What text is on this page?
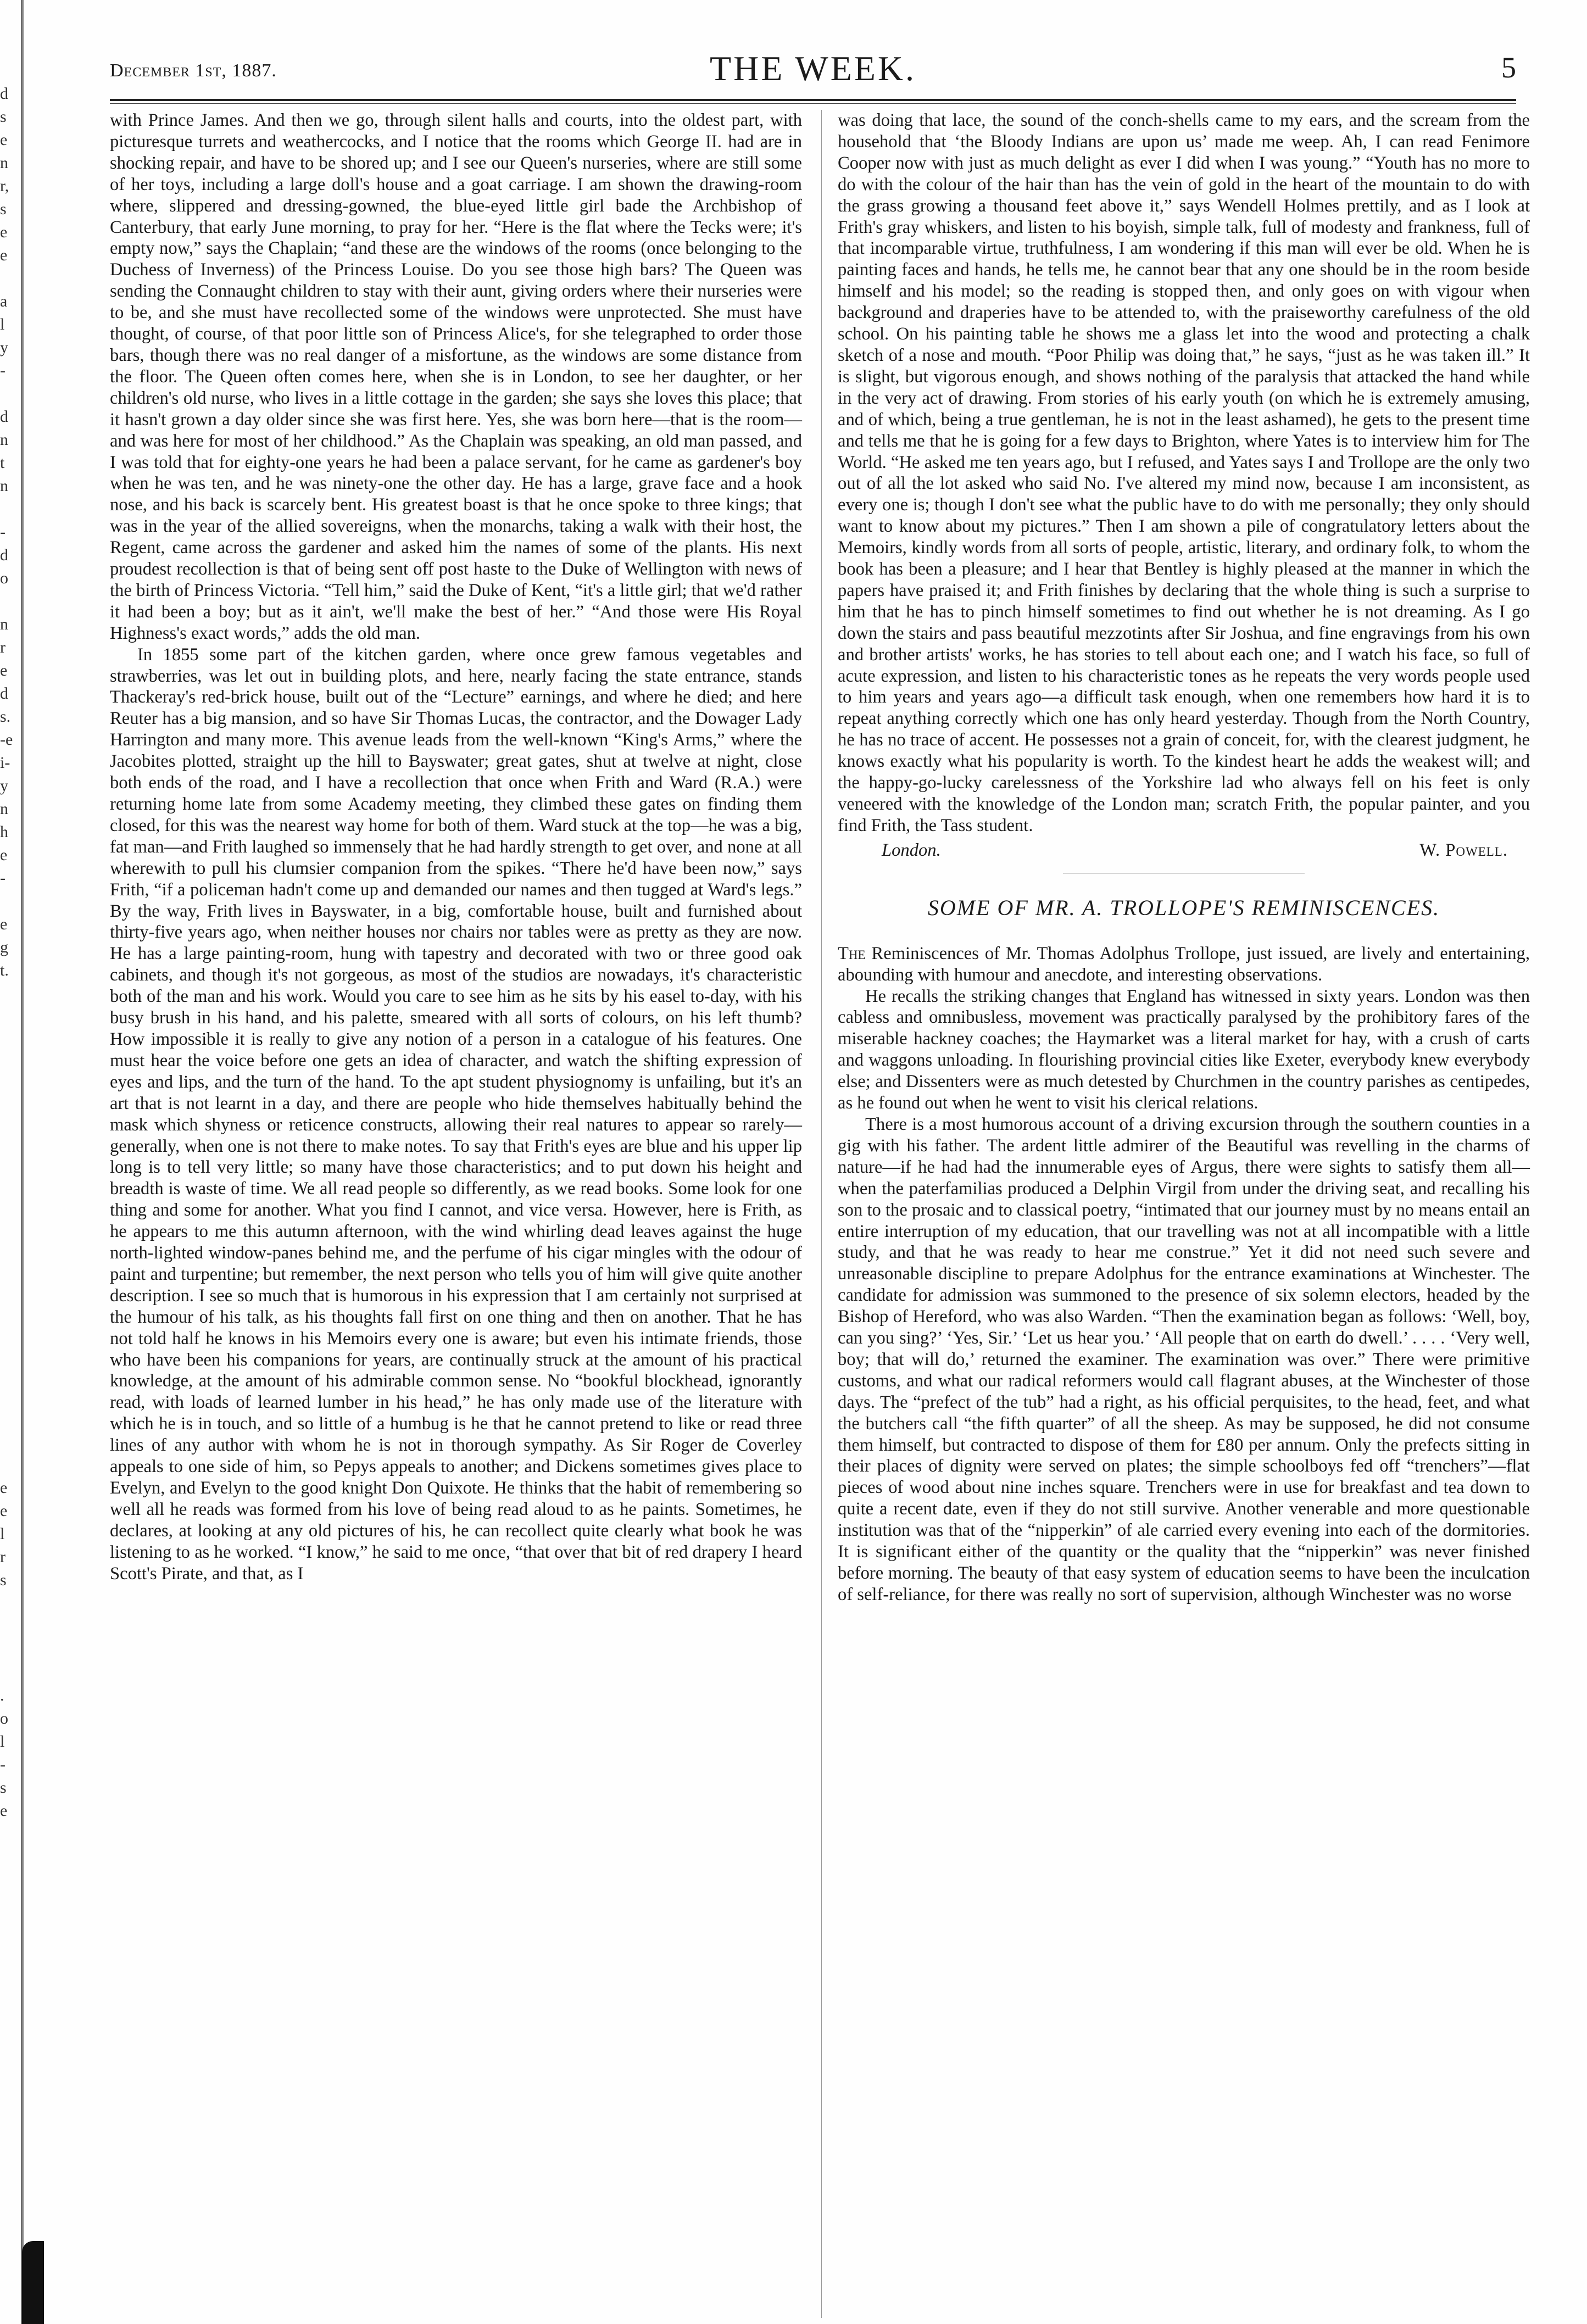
d
s
e
n
r,
s
e
e
a
l
y
-
d
n
t
n
-
d
o
n
r
e
d
s.
-e
i-
y
n
h
e
-
e
g
t.
e
e
l
r
s
.
o
l
-
s
e
December 1st, 1887.	THE WEEK.	5

with Prince James. And then we go, through silent halls and courts, into the oldest part, with picturesque turrets and weathercocks, and I notice that the rooms which George II. had are in shocking repair, and have to be shored up; and I see our Queen's nurseries, where are still some of her toys, including a large doll's house and a goat carriage. I am shown the drawing-room where, slippered and dressing-gowned, the blue-eyed little girl bade the Archbishop of Canterbury, that early June morning, to pray for her. “Here is the flat where the Tecks were; it's empty now,” says the Chaplain; “and these are the windows of the rooms (once belonging to the Duchess of Inverness) of the Princess Louise. Do you see those high bars? The Queen was sending the Connaught children to stay with their aunt, giving orders where their nurseries were to be, and she must have recollected some of the windows were unprotected. She must have thought, of course, of that poor little son of Princess Alice's, for she telegraphed to order those bars, though there was no real danger of a misfortune, as the windows are some distance from the floor. The Queen often comes here, when she is in London, to see her daughter, or her children's old nurse, who lives in a little cottage in the garden; she says she loves this place; that it hasn't grown a day older since she was first here. Yes, she was born here—that is the room—and was here for most of her childhood.” As the Chaplain was speaking, an old man passed, and I was told that for eighty-one years he had been a palace servant, for he came as gardener's boy when he was ten, and he was ninety-one the other day. He has a large, grave face and a hook nose, and his back is scarcely bent. His greatest boast is that he once spoke to three kings; that was in the year of the allied sovereigns, when the monarchs, taking a walk with their host, the Regent, came across the gardener and asked him the names of some of the plants. His next proudest recollection is that of being sent off post haste to the Duke of Wellington with news of the birth of Princess Victoria. “Tell him,” said the Duke of Kent, “it's a little girl; that we'd rather it had been a boy; but as it ain't, we'll make the best of her.” “And those were His Royal Highness's exact words,” adds the old man.

In 1855 some part of the kitchen garden, where once grew famous vegetables and strawberries, was let out in building plots, and here, nearly facing the state entrance, stands Thackeray's red-brick house, built out of the “Lecture” earnings, and where he died; and here Reuter has a big mansion, and so have Sir Thomas Lucas, the contractor, and the Dowager Lady Harrington and many more. This avenue leads from the well-known “King's Arms,” where the Jacobites plotted, straight up the hill to Bayswater; great gates, shut at twelve at night, close both ends of the road, and I have a recollection that once when Frith and Ward (R.A.) were returning home late from some Academy meeting, they climbed these gates on finding them closed, for this was the nearest way home for both of them. Ward stuck at the top—he was a big, fat man—and Frith laughed so immensely that he had hardly strength to get over, and none at all wherewith to pull his clumsier companion from the spikes. “There he'd have been now,” says Frith, “if a policeman hadn't come up and demanded our names and then tugged at Ward's legs.” By the way, Frith lives in Bayswater, in a big, comfortable house, built and furnished about thirty-five years ago, when neither houses nor chairs nor tables were as pretty as they are now. He has a large painting-room, hung with tapestry and decorated with two or three good oak cabinets, and though it's not gorgeous, as most of the studios are nowadays, it's characteristic both of the man and his work. Would you care to see him as he sits by his easel to-day, with his busy brush in his hand, and his palette, smeared with all sorts of colours, on his left thumb? How impossible it is really to give any notion of a person in a catalogue of his features. One must hear the voice before one gets an idea of character, and watch the shifting expression of eyes and lips, and the turn of the hand. To the apt student physiognomy is unfailing, but it's an art that is not learnt in a day, and there are people who hide themselves habitually behind the mask which shyness or reticence constructs, allowing their real natures to appear so rarely—generally, when one is not there to make notes. To say that Frith's eyes are blue and his upper lip long is to tell very little; so many have those characteristics; and to put down his height and breadth is waste of time. We all read people so differently, as we read books. Some look for one thing and some for another. What you find I cannot, and vice versa. However, here is Frith, as he appears to me this autumn afternoon, with the wind whirling dead leaves against the huge north-lighted window-panes behind me, and the perfume of his cigar mingles with the odour of paint and turpentine; but remember, the next person who tells you of him will give quite another description. I see so much that is humorous in his expression that I am certainly not surprised at the humour of his talk, as his thoughts fall first on one thing and then on another. That he has not told half he knows in his Memoirs every one is aware; but even his intimate friends, those who have been his companions for years, are continually struck at the amount of his practical knowledge, at the amount of his admirable common sense. No “bookful blockhead, ignorantly read, with loads of learned lumber in his head,” he has only made use of the literature with which he is in touch, and so little of a humbug is he that he cannot pretend to like or read three lines of any author with whom he is not in thorough sympathy. As Sir Roger de Coverley appeals to one side of him, so Pepys appeals to another; and Dickens sometimes gives place to Evelyn, and Evelyn to the good knight Don Quixote. He thinks that the habit of remembering so well all he reads was formed from his love of being read aloud to as he paints. Sometimes, he declares, at looking at any old pictures of his, he can recollect quite clearly what book he was listening to as he worked. “I know,” he said to me once, “that over that bit of red drapery I heard Scott's Pirate, and that, as I

was doing that lace, the sound of the conch-shells came to my ears, and the scream from the household that ‘the Bloody Indians are upon us’ made me weep. Ah, I can read Fenimore Cooper now with just as much delight as ever I did when I was young.” “Youth has no more to do with the colour of the hair than has the vein of gold in the heart of the mountain to do with the grass growing a thousand feet above it,” says Wendell Holmes prettily, and as I look at Frith's gray whiskers, and listen to his boyish, simple talk, full of modesty and frankness, full of that incomparable virtue, truthfulness, I am wondering if this man will ever be old. When he is painting faces and hands, he tells me, he cannot bear that any one should be in the room beside himself and his model; so the reading is stopped then, and only goes on with vigour when background and draperies have to be attended to, with the praiseworthy carefulness of the old school. On his painting table he shows me a glass let into the wood and protecting a chalk sketch of a nose and mouth. “Poor Philip was doing that,” he says, “just as he was taken ill.” It is slight, but vigorous enough, and shows nothing of the paralysis that attacked the hand while in the very act of drawing. From stories of his early youth (on which he is extremely amusing, and of which, being a true gentleman, he is not in the least ashamed), he gets to the present time and tells me that he is going for a few days to Brighton, where Yates is to interview him for The World. “He asked me ten years ago, but I refused, and Yates says I and Trollope are the only two out of all the lot asked who said No. I've altered my mind now, because I am inconsistent, as every one is; though I don't see what the public have to do with me personally; they only should want to know about my pictures.” Then I am shown a pile of congratulatory letters about the Memoirs, kindly words from all sorts of people, artistic, literary, and ordinary folk, to whom the book has been a pleasure; and I hear that Bentley is highly pleased at the manner in which the papers have praised it; and Frith finishes by declaring that the whole thing is such a surprise to him that he has to pinch himself sometimes to find out whether he is not dreaming. As I go down the stairs and pass beautiful mezzotints after Sir Joshua, and fine engravings from his own and brother artists' works, he has stories to tell about each one; and I watch his face, so full of acute expression, and listen to his characteristic tones as he repeats the very words people used to him years and years ago—a difficult task enough, when one remembers how hard it is to repeat anything correctly which one has only heard yesterday. Though from the North Country, he has no trace of accent. He possesses not a grain of conceit, for, with the clearest judgment, he knows exactly what his popularity is worth. To the kindest heart he adds the weakest will; and the happy-go-lucky carelessness of the Yorkshire lad who always fell on his feet is only veneered with the knowledge of the London man; scratch Frith, the popular painter, and you find Frith, the Tass student.

London.	W. Powell.
SOME OF MR. A. TROLLOPE'S REMINISCENCES.

The Reminiscences of Mr. Thomas Adolphus Trollope, just issued, are lively and entertaining, abounding with humour and anecdote, and interesting observations.

He recalls the striking changes that England has witnessed in sixty years. London was then cabless and omnibusless, movement was practically paralysed by the prohibitory fares of the miserable hackney coaches; the Haymarket was a literal market for hay, with a crush of carts and waggons unloading. In flourishing provincial cities like Exeter, everybody knew everybody else; and Dissenters were as much detested by Churchmen in the country parishes as centipedes, as he found out when he went to visit his clerical relations.

There is a most humorous account of a driving excursion through the southern counties in a gig with his father. The ardent little admirer of the Beautiful was revelling in the charms of nature—if he had had the innumerable eyes of Argus, there were sights to satisfy them all—when the paterfamilias produced a Delphin Virgil from under the driving seat, and recalling his son to the prosaic and to classical poetry, “intimated that our journey must by no means entail an entire interruption of my education, that our travelling was not at all incompatible with a little study, and that he was ready to hear me construe.” Yet it did not need such severe and unreasonable discipline to prepare Adolphus for the entrance examinations at Winchester. The candidate for admission was summoned to the presence of six solemn electors, headed by the Bishop of Hereford, who was also Warden. “Then the examination began as follows: ‘Well, boy, can you sing?’ ‘Yes, Sir.’ ‘Let us hear you.’ ‘All people that on earth do dwell.’ . . . . ‘Very well, boy; that will do,’ returned the examiner. The examination was over.” There were primitive customs, and what our radical reformers would call flagrant abuses, at the Winchester of those days. The “prefect of the tub” had a right, as his official perquisites, to the head, feet, and what the butchers call “the fifth quarter” of all the sheep. As may be supposed, he did not consume them himself, but contracted to dispose of them for £80 per annum. Only the prefects sitting in their places of dignity were served on plates; the simple schoolboys fed off “trenchers”—flat pieces of wood about nine inches square. Trenchers were in use for breakfast and tea down to quite a recent date, even if they do not still survive. Another venerable and more questionable institution was that of the “nipperkin” of ale carried every evening into each of the dormitories. It is significant either of the quantity or the quality that the “nipperkin” was never finished before morning. The beauty of that easy system of education seems to have been the inculcation of self-reliance, for there was really no sort of supervision, although Winchester was no worse
